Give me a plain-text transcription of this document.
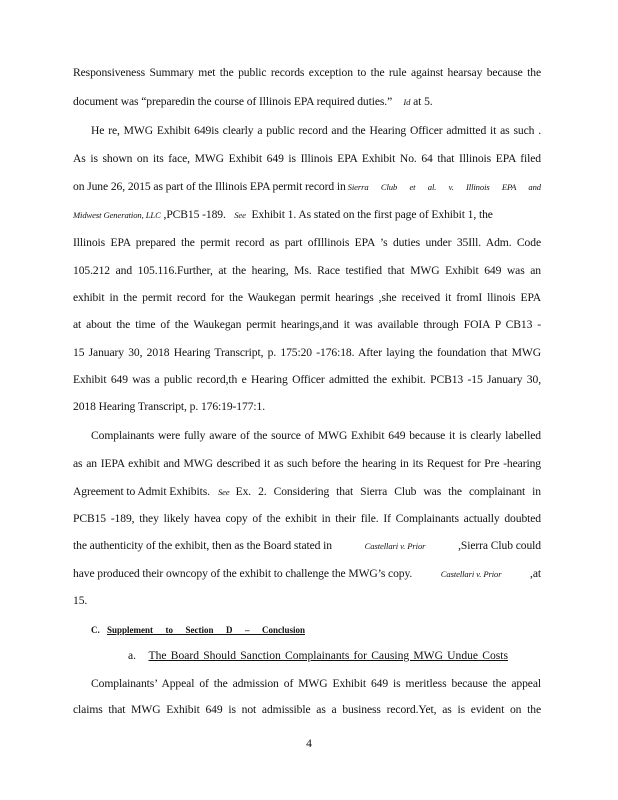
Responsiveness Summary met the public records exception to the rule against hearsay because the
document was “preparedin the course of Illinois EPA required duties.” Id at 5.
He re, MWG Exhibit 649is clearly a public record and the Hearing Officer admitted it as such .
As is shown on its face, MWG Exhibit 649 is Illinois EPA Exhibit No. 64 that Illinois EPA filed
on June 26, 2015 as part of the Illinois EPA permit record in Sierra Club et al. v. Illinois EPA and
Midwest Generation, LLC ,PCB15 -189. See Exhibit 1. As stated on the first page of Exhibit 1, the
Illinois EPA prepared the permit record as part ofIllinois EPA ’s duties under 35Ill. Adm. Code
105.212 and 105.116.Further, at the hearing, Ms. Race testified that MWG Exhibit 649 was an
exhibit in the permit record for the Waukegan permit hearings ,she received it fromI llinois EPA
at about the time of the Waukegan permit hearings,and it was available through FOIA P CB13 -
15 January 30, 2018 Hearing Transcript, p. 175:20 -176:18. After laying the foundation that MWG
Exhibit 649 was a public record,th e Hearing Officer admitted the exhibit. PCB13 -15 January 30,
2018 Hearing Transcript, p. 176:19-177:1.
Complainants were fully aware of the source of MWG Exhibit 649 because it is clearly labelled
as an IEPA exhibit and MWG described it as such before the hearing in its Request for Pre -hearing
Agreement to Admit Exhibits. See Ex. 2. Considering that Sierra Club was the complainant in
PCB15 -189, they likely havea copy of the exhibit in their file. If Complainants actually doubted
the authenticity of the exhibit, then as the Board stated in	Castellari v. Prior	,Sierra Club could
have produced their owncopy of the exhibit to challenge the MWG’s copy.	Castellari v. Prior ,at
15.
C. Supplement to Section D – Conclusion
a. The Board Should Sanction Complainants for Causing MWG Undue Costs
Complainants’ Appeal of the admission of MWG Exhibit 649 is meritless because the appeal
claims that MWG Exhibit 649 is not admissible as a business record.Yet, as is evident on the
4
